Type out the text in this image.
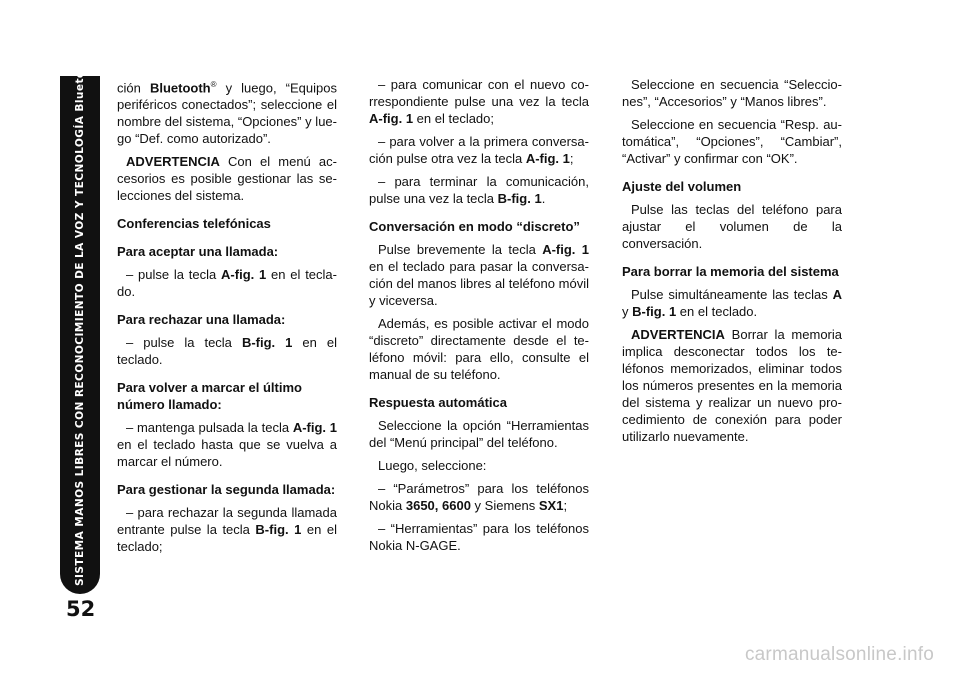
SISTEMA MANOS LIBRES CON RECONOCIMIENTO DE LA VOZ Y TECNOLOGÍA Bluetooth®
52

ción Bluetooth® y luego, “Equipos periféricos conectados”; seleccione el nombre del sistema, “Opciones” y luego “Def. como autorizado”.

ADVERTENCIA Con el menú accesorios es posible gestionar las selecciones del sistema.

Conferencias telefónicas
Para aceptar una llamada:

– pulse la tecla A-fig. 1 en el teclado.

Para rechazar una llamada:

– pulse la tecla B-fig. 1 en el teclado.

Para volver a marcar el último número llamado:

– mantenga pulsada la tecla A-fig. 1 en el teclado hasta que se vuelva a marcar el número.

Para gestionar la segunda llamada:

– para rechazar la segunda llamada entrante pulse la tecla B-fig. 1 en el teclado;

– para comunicar con el nuevo correspondiente pulse una vez la tecla A-fig. 1 en el teclado;

– para volver a la primera conversación pulse otra vez la tecla A-fig. 1;

– para terminar la comunicación, pulse una vez la tecla B-fig. 1.

Conversación en modo “discreto”

Pulse brevemente la tecla A-fig. 1 en el teclado para pasar la conversación del manos libres al teléfono móvil y viceversa.

Además, es posible activar el modo “discreto” directamente desde el teléfono móvil: para ello, consulte el manual de su teléfono.

Respuesta automática

Seleccione la opción “Herramientas del “Menú principal” del teléfono.

Luego, seleccione:

– “Parámetros” para los teléfonos Nokia 3650, 6600 y Siemens SX1;

– “Herramientas” para los teléfonos Nokia N-GAGE.

Seleccione en secuencia “Selecciones”, “Accesorios” y “Manos libres”.

Seleccione en secuencia “Resp. automática”, “Opciones”, “Cambiar”, “Activar” y confirmar con “OK”.

Ajuste del volumen

Pulse las teclas del teléfono para ajustar el volumen de la conversación.

Para borrar la memoria del sistema

Pulse simultáneamente las teclas A y B-fig. 1 en el teclado.

ADVERTENCIA Borrar la memoria implica desconectar todos los teléfonos memorizados, eliminar todos los números presentes en la memoria del sistema y realizar un nuevo procedimiento de conexión para poder utilizarlo nuevamente.

carmanualsonline.info
